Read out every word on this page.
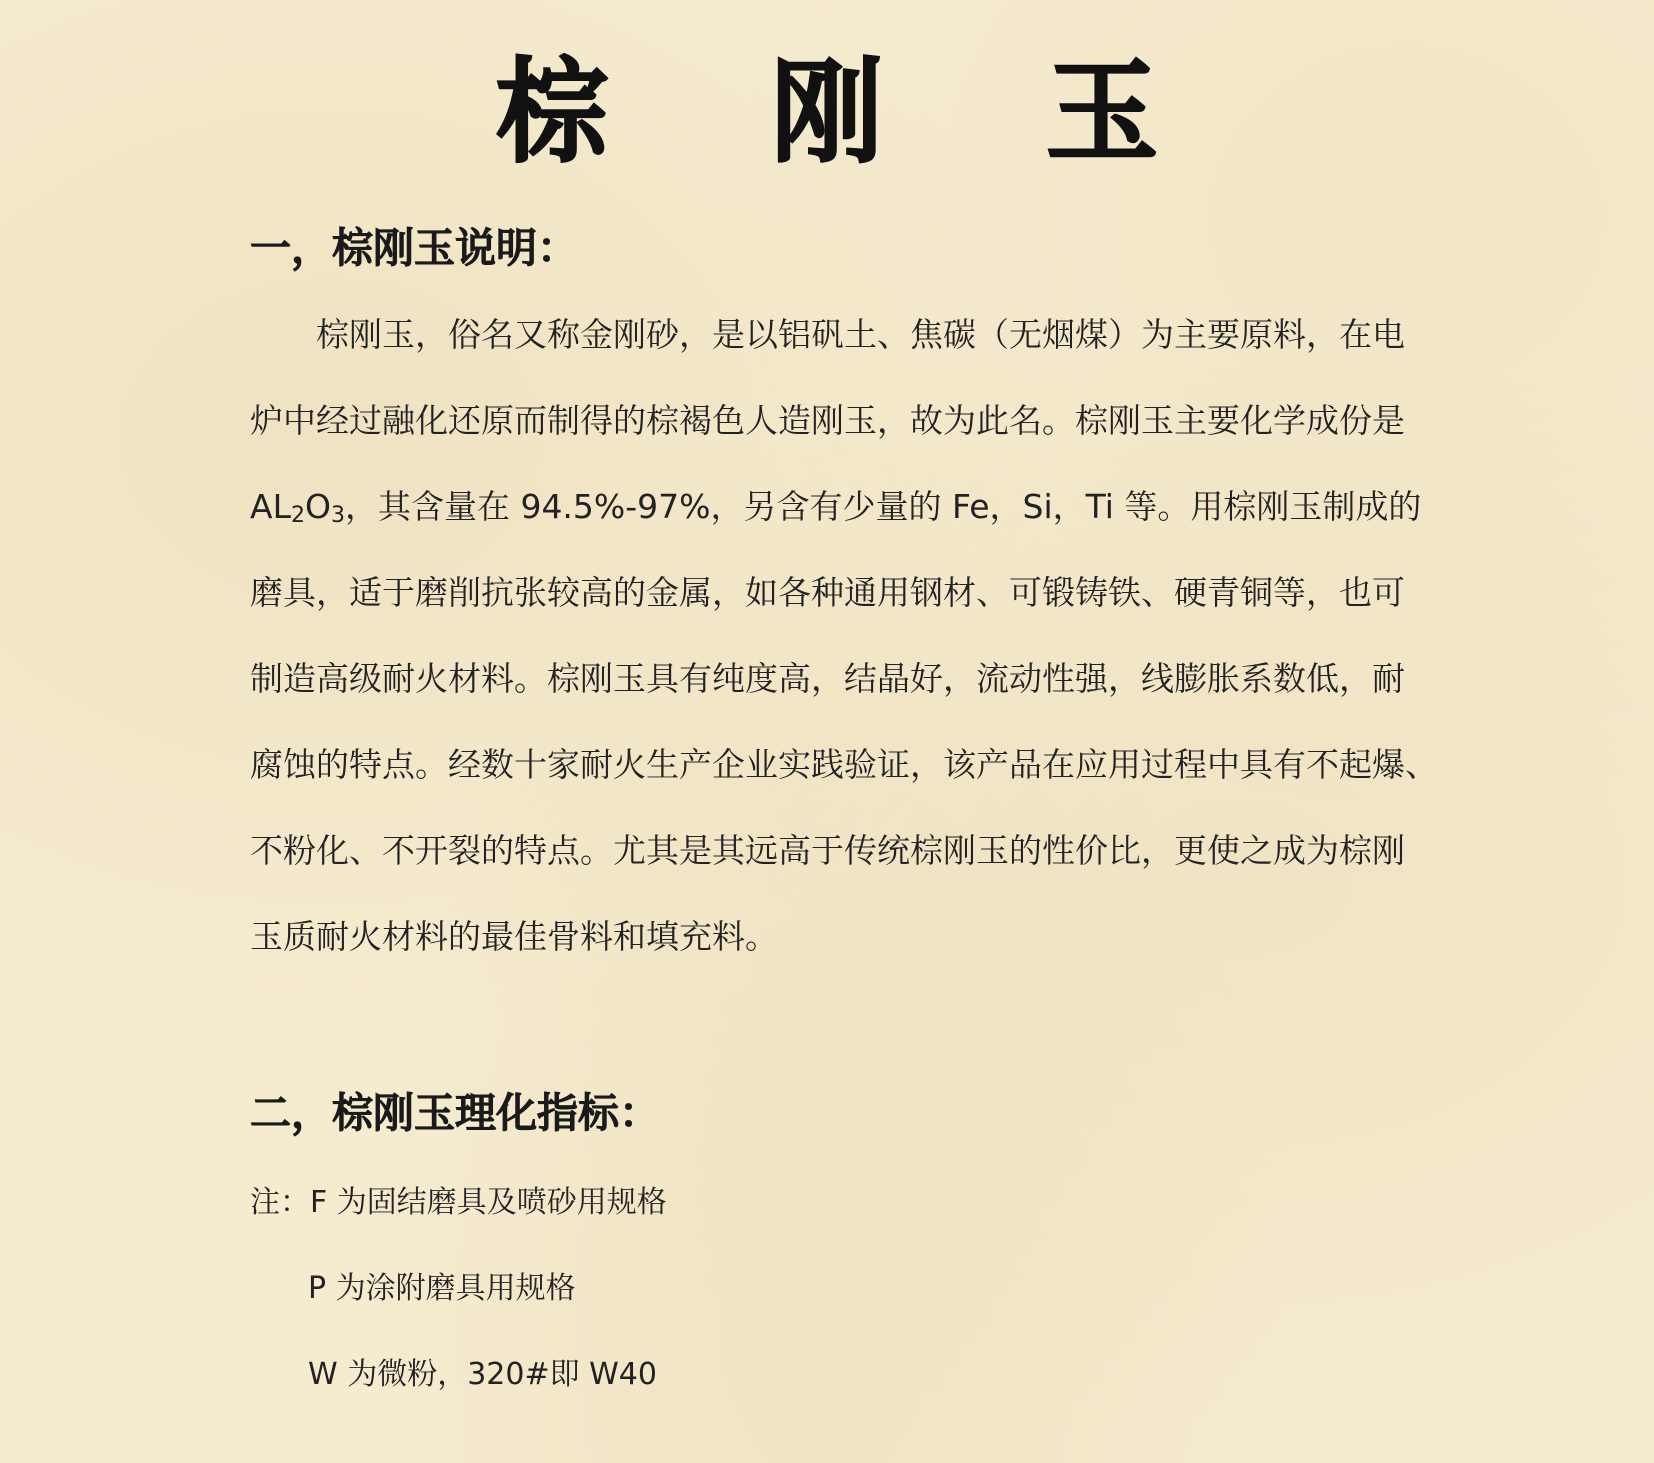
棕 刚 玉
一，棕刚玉说明：
棕刚玉，俗名又称金刚砂，是以铝矾土、焦碳（无烟煤）为主要原料，在电
炉中经过融化还原而制得的棕褐色人造刚玉，故为此名。棕刚玉主要化学成份是
AL2O3 ，其含量在 94.5%-97%，另含有少量的 Fe，Si，Ti 等。用棕刚玉制成的
磨具，适于磨削抗张较高的金属，如各种通用钢材、可锻铸铁、硬青铜等，也可
制造高级耐火材料。棕刚玉具有纯度高，结晶好，流动性强，线膨胀系数低，耐
腐蚀的特点。经数十家耐火生产企业实践验证，该产品在应用过程中具有不起爆、
不粉化、不开裂的特点。尤其是其远高于传统棕刚玉的性价比，更使之成为棕刚
玉质耐火材料的最佳骨料和填充料。
二，棕刚玉理化指标：
注：F 为固结磨具及喷砂用规格
P 为涂附磨具用规格
W 为微粉，320#即 W40
